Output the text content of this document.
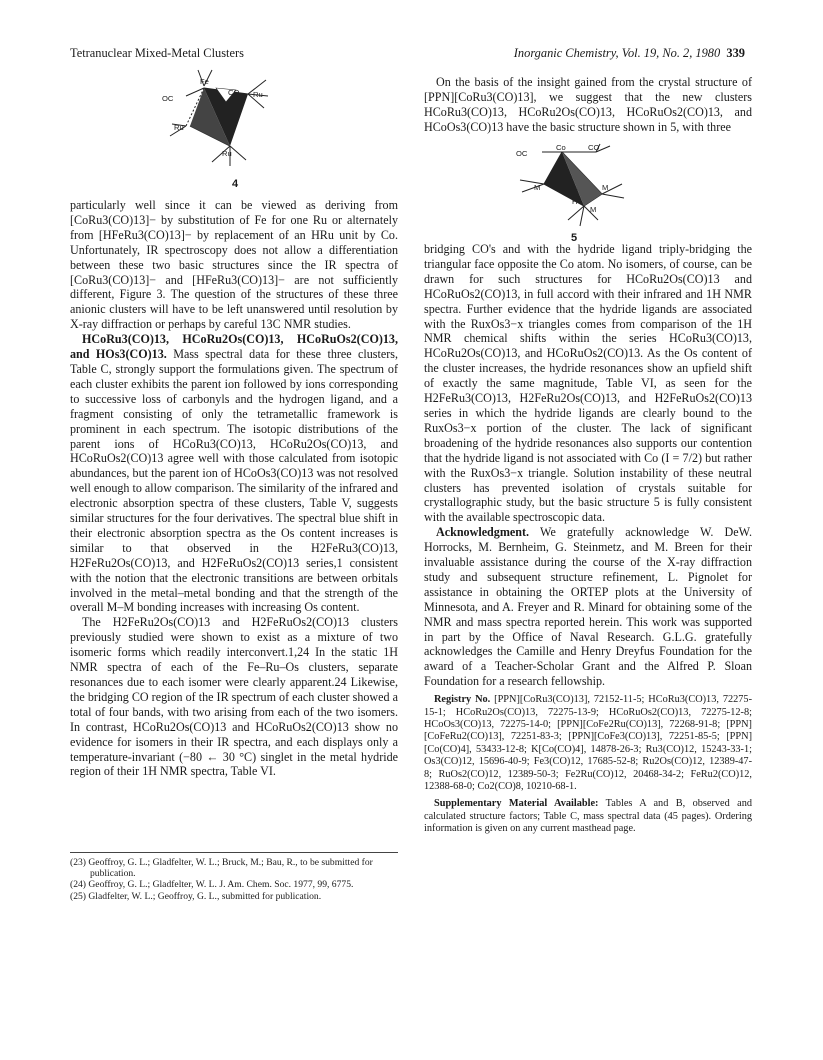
Tetranuclear Mixed-Metal Clusters	Inorganic Chemistry, Vol. 19, No. 2, 1980 339
OC
Fe
CO
H
Ru
Ru
Ru
4
OC
Co	CO
M	M
H
M
5

particularly well since it can be viewed as deriving from [CoRu3(CO)13]− by substitution of Fe for one Ru or alternately from [HFeRu3(CO)13]− by replacement of an HRu unit by Co. Unfortunately, IR spectroscopy does not allow a differentiation between these two basic structures since the IR spectra of [CoRu3(CO)13]− and [HFeRu3(CO)13]− are not sufficiently different, Figure 3. The question of the structures of these three anionic clusters will have to be left unanswered until resolution by X-ray diffraction or perhaps by careful 13C NMR studies.

HCoRu3(CO)13, HCoRu2Os(CO)13, HCoRuOs2(CO)13, and HOs3(CO)13. Mass spectral data for these three clusters, Table C, strongly support the formulations given. The spectrum of each cluster exhibits the parent ion followed by ions corresponding to successive loss of carbonyls and the hydrogen ligand, and a fragment consisting of only the tetrametallic framework is prominent in each spectrum. The isotopic distributions of the parent ions of HCoRu3(CO)13, HCoRu2Os(CO)13, and HCoRuOs2(CO)13 agree well with those calculated from isotopic abundances, but the parent ion of HCoOs3(CO)13 was not resolved well enough to allow comparison. The similarity of the infrared and electronic absorption spectra of these clusters, Table V, suggests similar structures for the four derivatives. The spectral blue shift in their electronic absorption spectra as the Os content increases is similar to that observed in the H2FeRu3(CO)13, H2FeRu2Os(CO)13, and H2FeRuOs2(CO)13 series,1 consistent with the notion that the electronic transitions are between orbitals involved in the metal–metal bonding and that the strength of the overall M–M bonding increases with increasing Os content.

The H2FeRu2Os(CO)13 and H2FeRuOs2(CO)13 clusters previously studied were shown to exist as a mixture of two isomeric forms which readily interconvert.1,24 In the static 1H NMR spectra of each of the Fe–Ru–Os clusters, separate resonances due to each isomer were clearly apparent.24 Likewise, the bridging CO region of the IR spectrum of each cluster showed a total of four bands, with two arising from each of the two isomers. In contrast, HCoRu2Os(CO)13 and HCoRuOs2(CO)13 show no evidence for isomers in their IR spectra, and each displays only a temperature-invariant (−80 ← 30 °C) singlet in the metal hydride region of their 1H NMR spectra, Table VI.

(23) Geoffroy, G. L.; Gladfelter, W. L.; Bruck, M.; Bau, R., to be submitted for publication.

(24) Geoffroy, G. L.; Gladfelter, W. L. J. Am. Chem. Soc. 1977, 99, 6775.

(25) Gladfelter, W. L.; Geoffroy, G. L., submitted for publication.

On the basis of the insight gained from the crystal structure of [PPN][CoRu3(CO)13], we suggest that the new clusters HCoRu3(CO)13, HCoRu2Os(CO)13, HCoRuOs2(CO)13, and HCoOs3(CO)13 have the basic structure shown in 5, with three

bridging CO's and with the hydride ligand triply-bridging the triangular face opposite the Co atom. No isomers, of course, can be drawn for such structures for HCoRu2Os(CO)13 and HCoRuOs2(CO)13, in full accord with their infrared and 1H NMR spectra. Further evidence that the hydride ligands are associated with the RuxOs3−x triangles comes from comparison of the 1H NMR chemical shifts within the series HCoRu3(CO)13, HCoRu2Os(CO)13, and HCoRuOs2(CO)13. As the Os content of the cluster increases, the hydride resonances show an upfield shift of exactly the same magnitude, Table VI, as seen for the H2FeRu3(CO)13, H2FeRu2Os(CO)13, and H2FeRuOs2(CO)13 series in which the hydride ligands are clearly bound to the RuxOs3−x portion of the cluster. The lack of significant broadening of the hydride resonances also supports our contention that the hydride ligand is not associated with Co (I = 7/2) but rather with the RuxOs3−x triangle. Solution instability of these neutral clusters has prevented isolation of crystals suitable for crystallographic study, but the basic structure 5 is fully consistent with the available spectroscopic data.

Acknowledgment. We gratefully acknowledge W. DeW. Horrocks, M. Bernheim, G. Steinmetz, and M. Breen for their invaluable assistance during the course of the X-ray diffraction study and subsequent structure refinement, L. Pignolet for assistance in obtaining the ORTEP plots at the University of Minnesota, and A. Freyer and R. Minard for obtaining some of the NMR and mass spectra reported herein. This work was supported in part by the Office of Naval Research. G.L.G. gratefully acknowledges the Camille and Henry Dreyfus Foundation for the award of a Teacher-Scholar Grant and the Alfred P. Sloan Foundation for a research fellowship.

Registry No. [PPN][CoRu3(CO)13], 72152-11-5; HCoRu3(CO)13, 72275-15-1; HCoRu2Os(CO)13, 72275-13-9; HCoRuOs2(CO)13, 72275-12-8; HCoOs3(CO)13, 72275-14-0; [PPN][CoFe2Ru(CO)13], 72268-91-8; [PPN][CoFeRu2(CO)13], 72251-83-3; [PPN][CoFe3(CO)13], 72251-85-5; [PPN][Co(CO)4], 53433-12-8; K[Co(CO)4], 14878-26-3; Ru3(CO)12, 15243-33-1; Os3(CO)12, 15696-40-9; Fe3(CO)12, 17685-52-8; Ru2Os(CO)12, 12389-47-8; RuOs2(CO)12, 12389-50-3; Fe2Ru(CO)12, 20468-34-2; FeRu2(CO)12, 12388-68-0; Co2(CO)8, 10210-68-1.

Supplementary Material Available: Tables A and B, observed and calculated structure factors; Table C, mass spectral data (45 pages). Ordering information is given on any current masthead page.
